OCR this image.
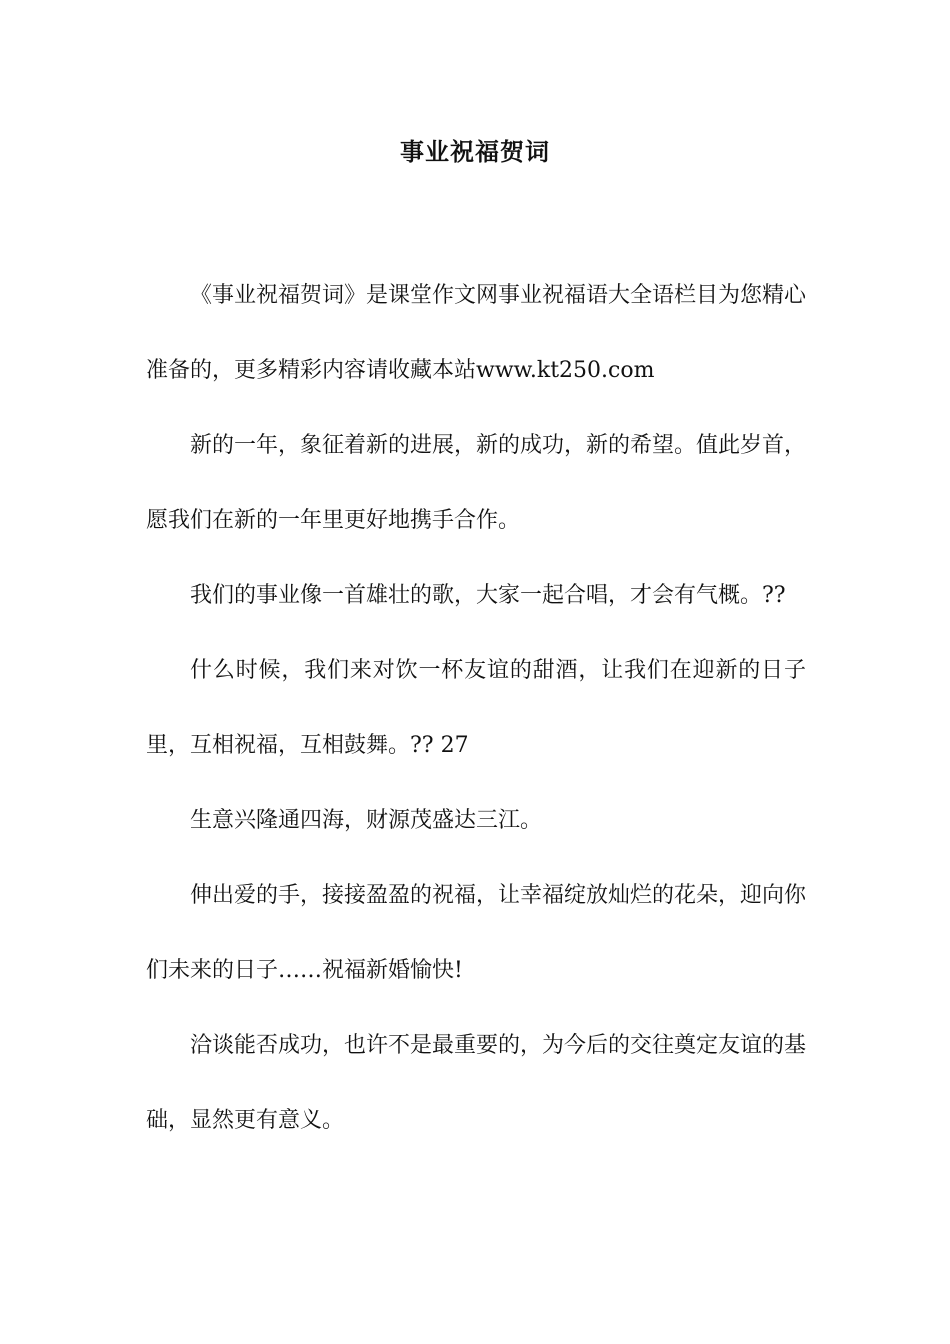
事业祝福贺词

《事业祝福贺词》是课堂作文网事业祝福语大全语栏目为您精心准备的，更多精彩内容请收藏本站www.kt250.com

新的一年，象征着新的进展，新的成功，新的希望。值此岁首，愿我们在新的一年里更好地携手合作。

我们的事业像一首雄壮的歌，大家一起合唱，才会有气概。??

什么时候，我们来对饮一杯友谊的甜酒，让我们在迎新的日子里，互相祝福，互相鼓舞。?? 27

生意兴隆通四海，财源茂盛达三江。

伸出爱的手，接接盈盈的祝福，让幸福绽放灿烂的花朵，迎向你们未来的日子……祝福新婚愉快!

洽谈能否成功，也许不是最重要的，为今后的交往奠定友谊的基础，显然更有意义。
